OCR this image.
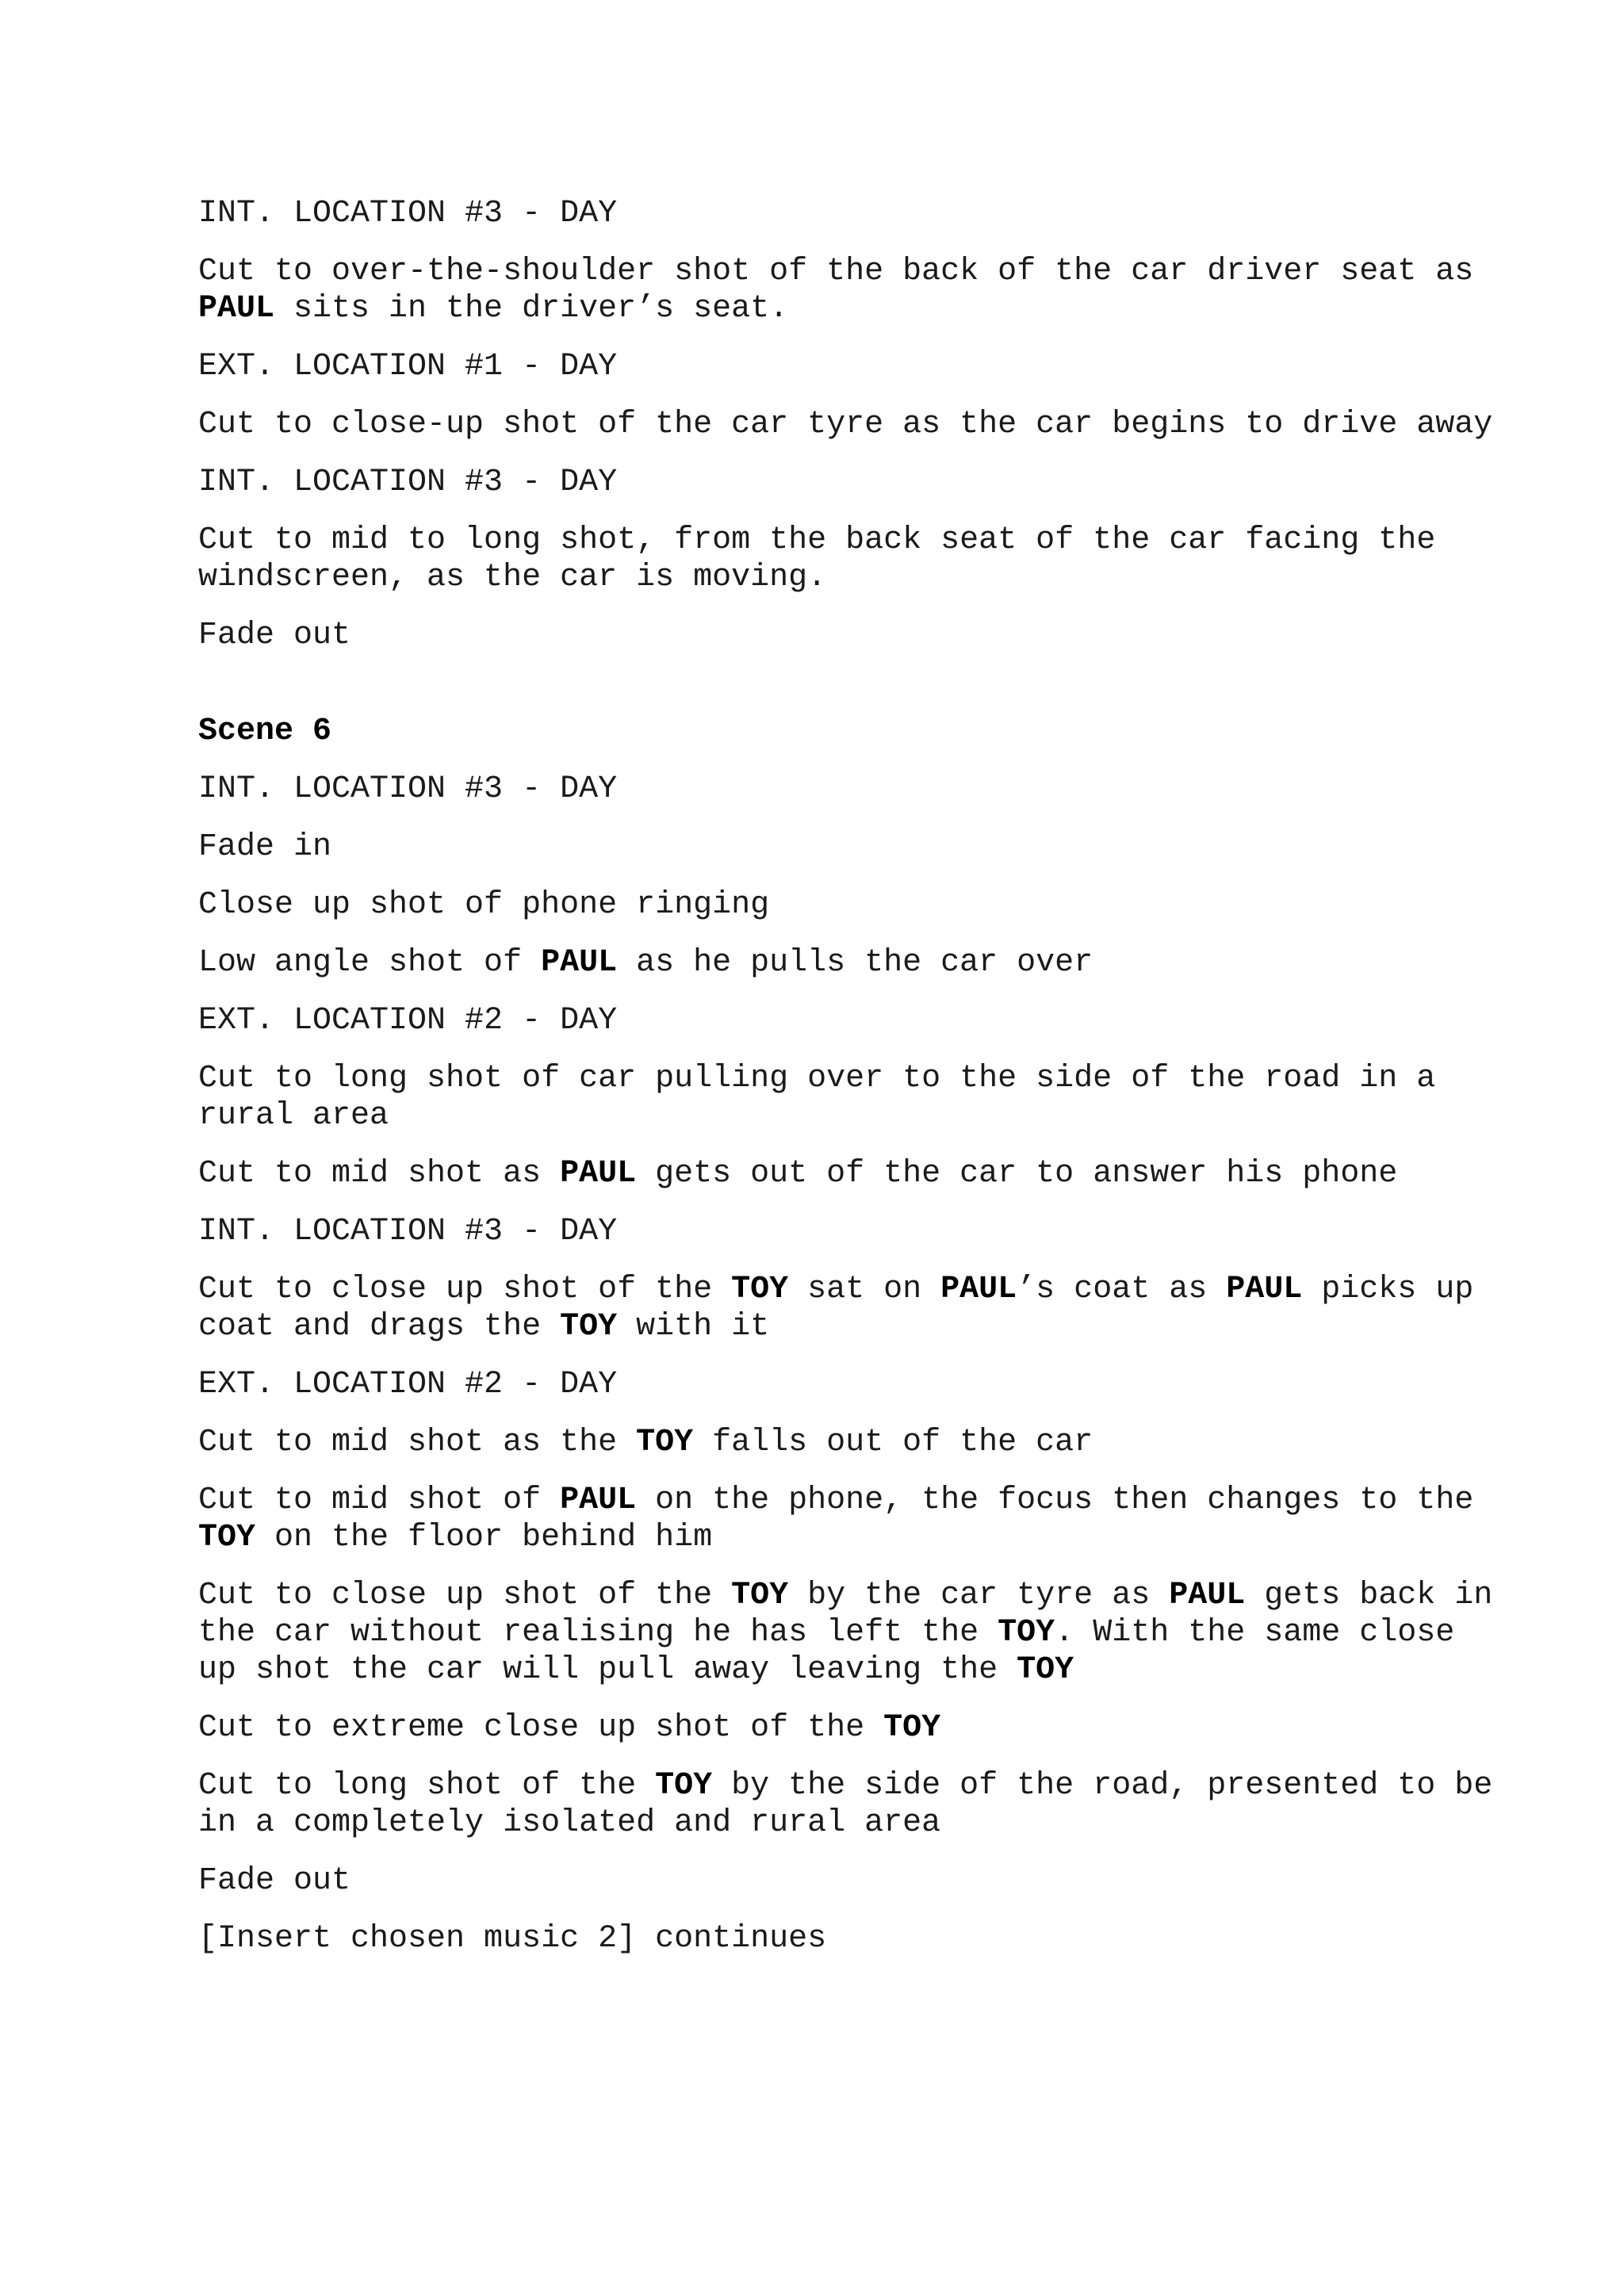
INT. LOCATION #3 - DAY

Cut to over-the-shoulder shot of the back of the car driver seat as PAUL sits in the driver’s seat.

EXT. LOCATION #1 - DAY

Cut to close-up shot of the car tyre as the car begins to drive away

INT. LOCATION #3 - DAY

Cut to mid to long shot, from the back seat of the car facing the windscreen, as the car is moving.

Fade out

Scene 6

INT. LOCATION #3 - DAY

Fade in

Close up shot of phone ringing

Low angle shot of PAUL as he pulls the car over

EXT. LOCATION #2 - DAY

Cut to long shot of car pulling over to the side of the road in a rural area

Cut to mid shot as PAUL gets out of the car to answer his phone

INT. LOCATION #3 - DAY

Cut to close up shot of the TOY sat on PAUL’s coat as PAUL picks up coat and drags the TOY with it

EXT. LOCATION #2 - DAY

Cut to mid shot as the TOY falls out of the car

Cut to mid shot of PAUL on the phone, the focus then changes to the TOY on the floor behind him

Cut to close up shot of the TOY by the car tyre as PAUL gets back in the car without realising he has left the TOY. With the same close up shot the car will pull away leaving the TOY

Cut to extreme close up shot of the TOY

Cut to long shot of the TOY by the side of the road, presented to be in a completely isolated and rural area

Fade out

[Insert chosen music 2] continues
